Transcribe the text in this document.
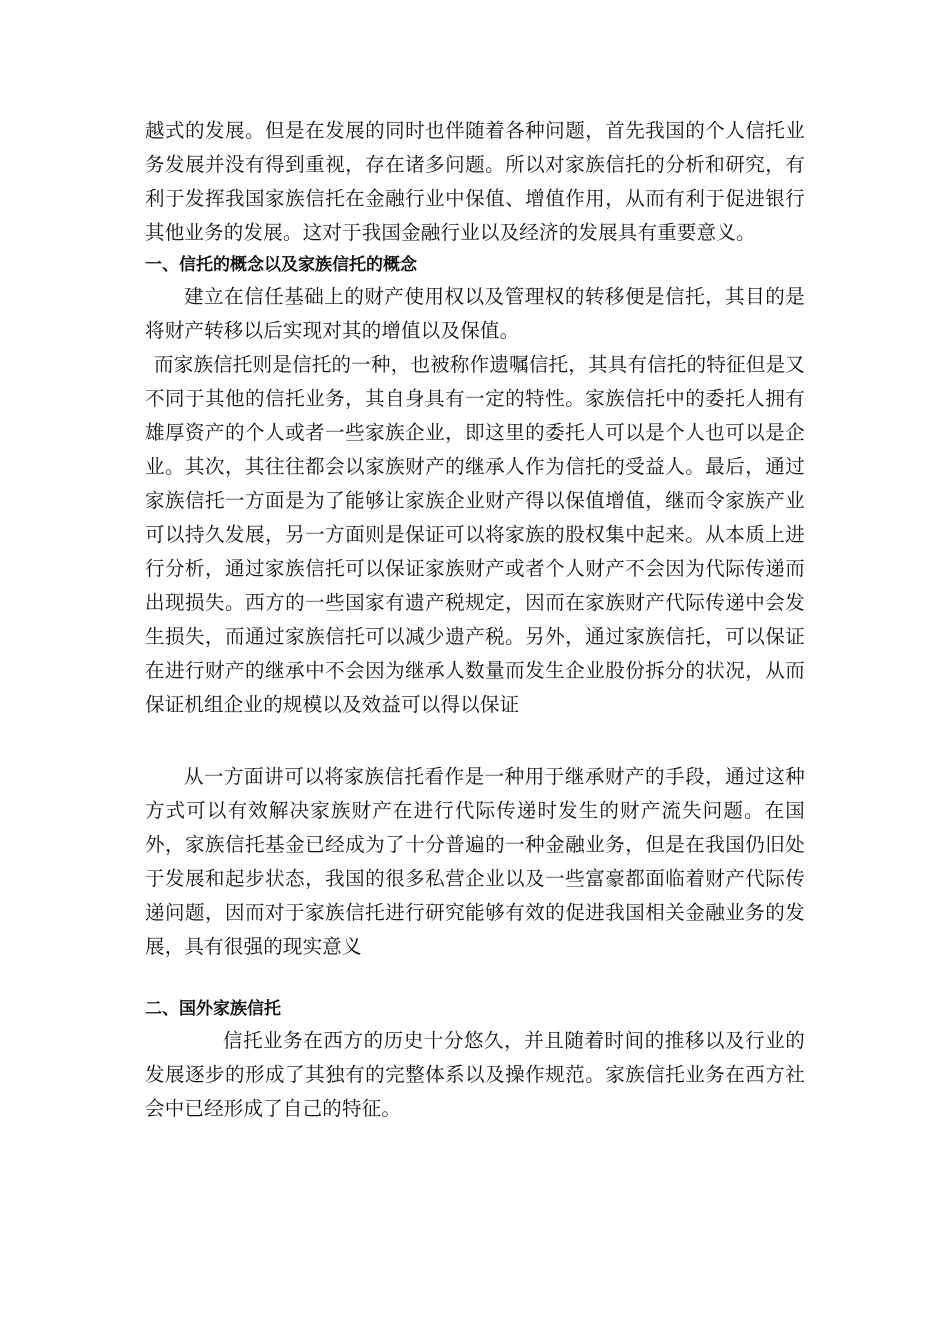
越式的发展。但是在发展的同时也伴随着各种问题，首先我国的个人信托业务发展并没有得到重视，存在诸多问题。所以对家族信托的分析和研究，有利于发挥我国家族信托在金融行业中保值、增值作用，从而有利于促进银行其他业务的发展。这对于我国金融行业以及经济的发展具有重要意义。

一、信托的概念以及家族信托的概念

建立在信任基础上的财产使用权以及管理权的转移便是信托，其目的是将财产转移以后实现对其的增值以及保值。

而家族信托则是信托的一种，也被称作遗嘱信托，其具有信托的特征但是又不同于其他的信托业务，其自身具有一定的特性。家族信托中的委托人拥有雄厚资产的个人或者一些家族企业，即这里的委托人可以是个人也可以是企业。其次，其往往都会以家族财产的继承人作为信托的受益人。最后，通过家族信托一方面是为了能够让家族企业财产得以保值增值，继而令家族产业可以持久发展，另一方面则是保证可以将家族的股权集中起来。从本质上进行分析，通过家族信托可以保证家族财产或者个人财产不会因为代际传递而出现损失。西方的一些国家有遗产税规定，因而在家族财产代际传递中会发生损失，而通过家族信托可以减少遗产税。另外，通过家族信托，可以保证在进行财产的继承中不会因为继承人数量而发生企业股份拆分的状况，从而保证机组企业的规模以及效益可以得以保证

从一方面讲可以将家族信托看作是一种用于继承财产的手段，通过这种方式可以有效解决家族财产在进行代际传递时发生的财产流失问题。在国外，家族信托基金已经成为了十分普遍的一种金融业务，但是在我国仍旧处于发展和起步状态，我国的很多私营企业以及一些富豪都面临着财产代际传递问题，因而对于家族信托进行研究能够有效的促进我国相关金融业务的发展，具有很强的现实意义

二、国外家族信托

信托业务在西方的历史十分悠久，并且随着时间的推移以及行业的发展逐步的形成了其独有的完整体系以及操作规范。家族信托业务在西方社会中已经形成了自己的特征。
